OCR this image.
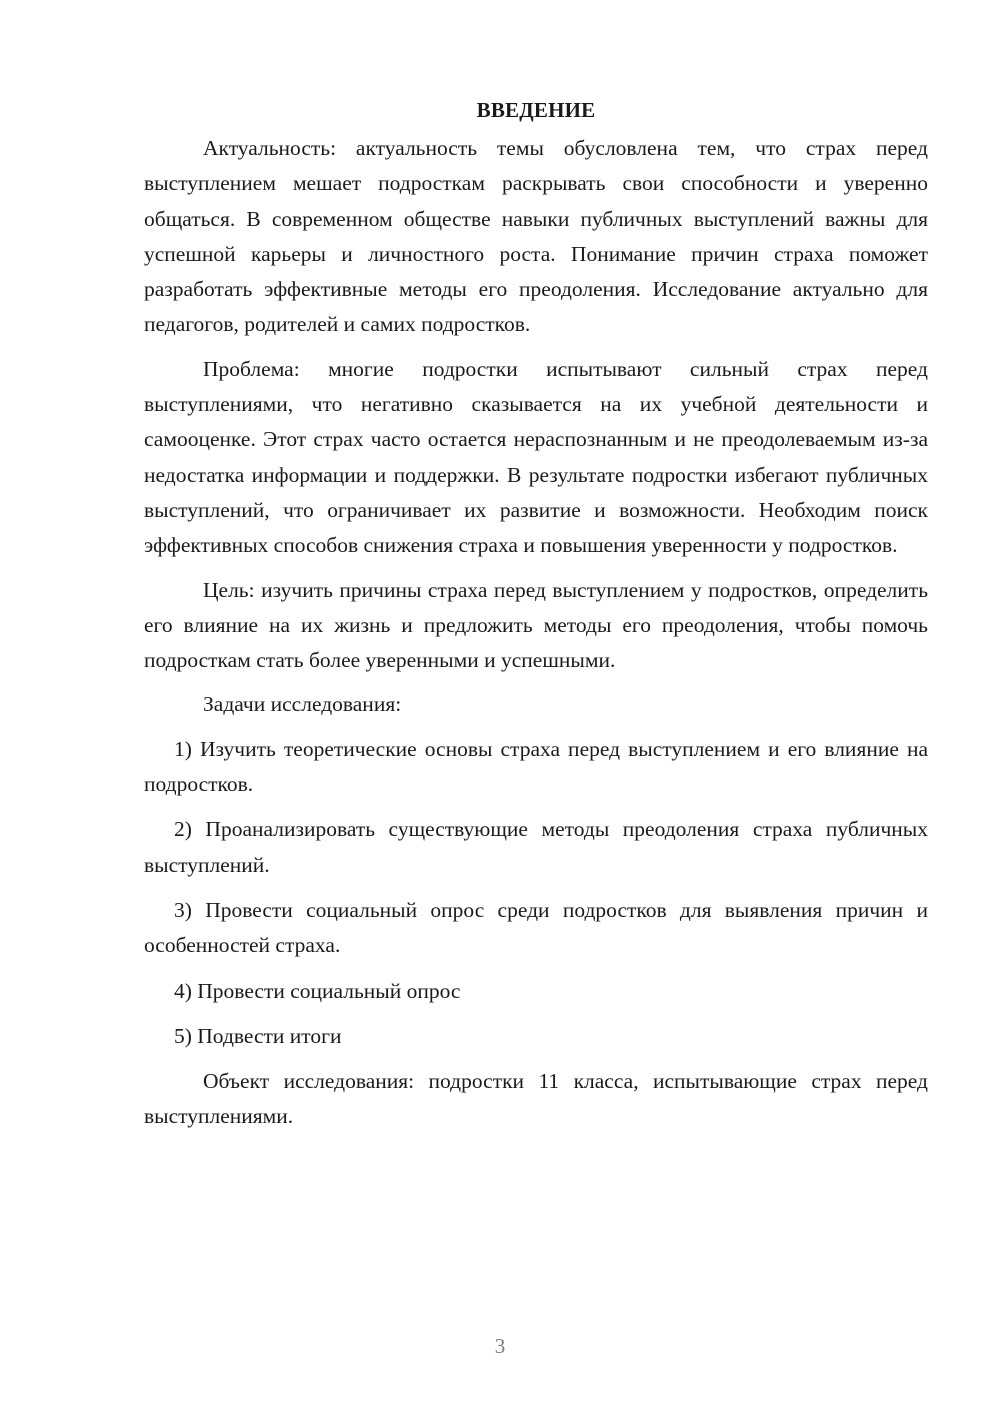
ВВЕДЕНИЕ

Актуальность: актуальность темы обусловлена тем, что страх перед выступлением мешает подросткам раскрывать свои способности и уверенно общаться. В современном обществе навыки публичных выступлений важны для успешной карьеры и личностного роста. Понимание причин страха поможет разработать эффективные методы его преодоления. Исследование актуально для педагогов, родителей и самих подростков.

Проблема: многие подростки испытывают сильный страх перед выступлениями, что негативно сказывается на их учебной деятельности и самооценке. Этот страх часто остается нераспознанным и не преодолеваемым из-за недостатка информации и поддержки. В результате подростки избегают публичных выступлений, что ограничивает их развитие и возможности. Необходим поиск эффективных способов снижения страха и повышения уверенности у подростков.

Цель: изучить причины страха перед выступлением у подростков, определить его влияние на их жизнь и предложить методы его преодоления, чтобы помочь подросткам стать более уверенными и успешными.

Задачи исследования:

1) Изучить теоретические основы страха перед выступлением и его влияние на подростков.

2) Проанализировать существующие методы преодоления страха публичных выступлений.

3) Провести социальный опрос среди подростков для выявления причин и особенностей страха.

4) Провести социальный опрос

5) Подвести итоги

Объект исследования: подростки 11 класса, испытывающие страх перед выступлениями.

3
